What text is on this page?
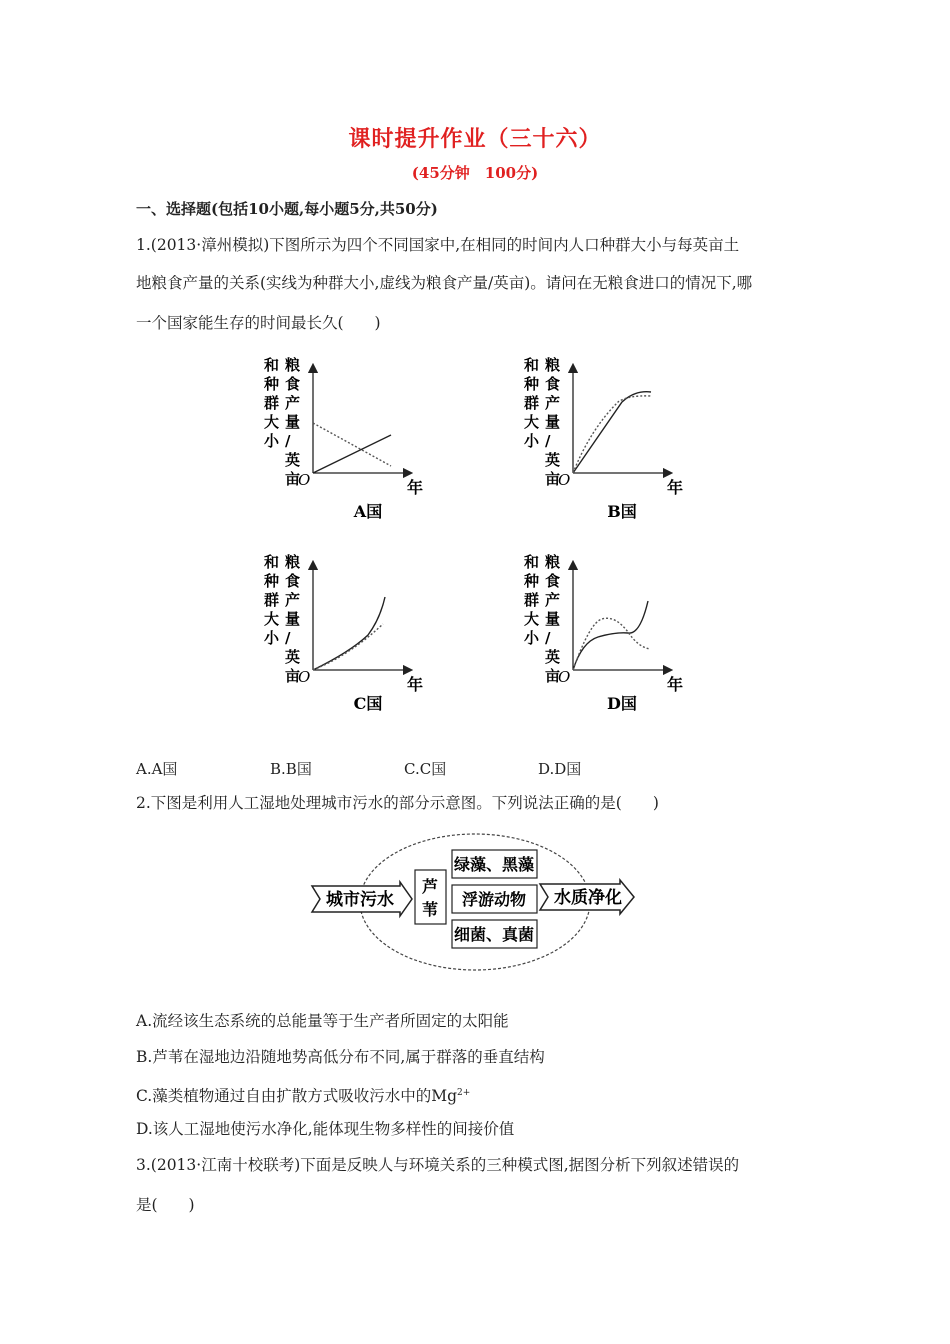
课时提升作业（三十六）
(45分钟　100分)
一、选择题(包括10小题,每小题5分,共50分)
1.(2013·漳州模拟)下图所示为四个不同国家中,在相同的时间内人口种群大小与每英亩土
地粮食产量的关系(实线为种群大小,虚线为粮食产量/英亩)。请问在无粮食进口的情况下,哪
一个国家能生存的时间最长久(　　)
和种群大小
粮食产量/英亩
O	年
A国
和种群大小
粮食产量/英亩
O	年
B国
和种群大小
粮食产量/英亩
O	年
C国
和种群大小
粮食产量/英亩
O	年
D国
A.A国	B.B国	C.C国	D.D国
2.下图是利用人工湿地处理城市污水的部分示意图。下列说法正确的是(　　)
城市污水
芦
苇
绿藻、黑藻
浮游动物
细菌、真菌
水质净化
A.流经该生态系统的总能量等于生产者所固定的太阳能
B.芦苇在湿地边沿随地势高低分布不同,属于群落的垂直结构
C.藻类植物通过自由扩散方式吸收污水中的$Mg^{2+}$
D.该人工湿地使污水净化,能体现生物多样性的间接价值
3.(2013·江南十校联考)下面是反映人与环境关系的三种模式图,据图分析下列叙述错误的
是(　　)
